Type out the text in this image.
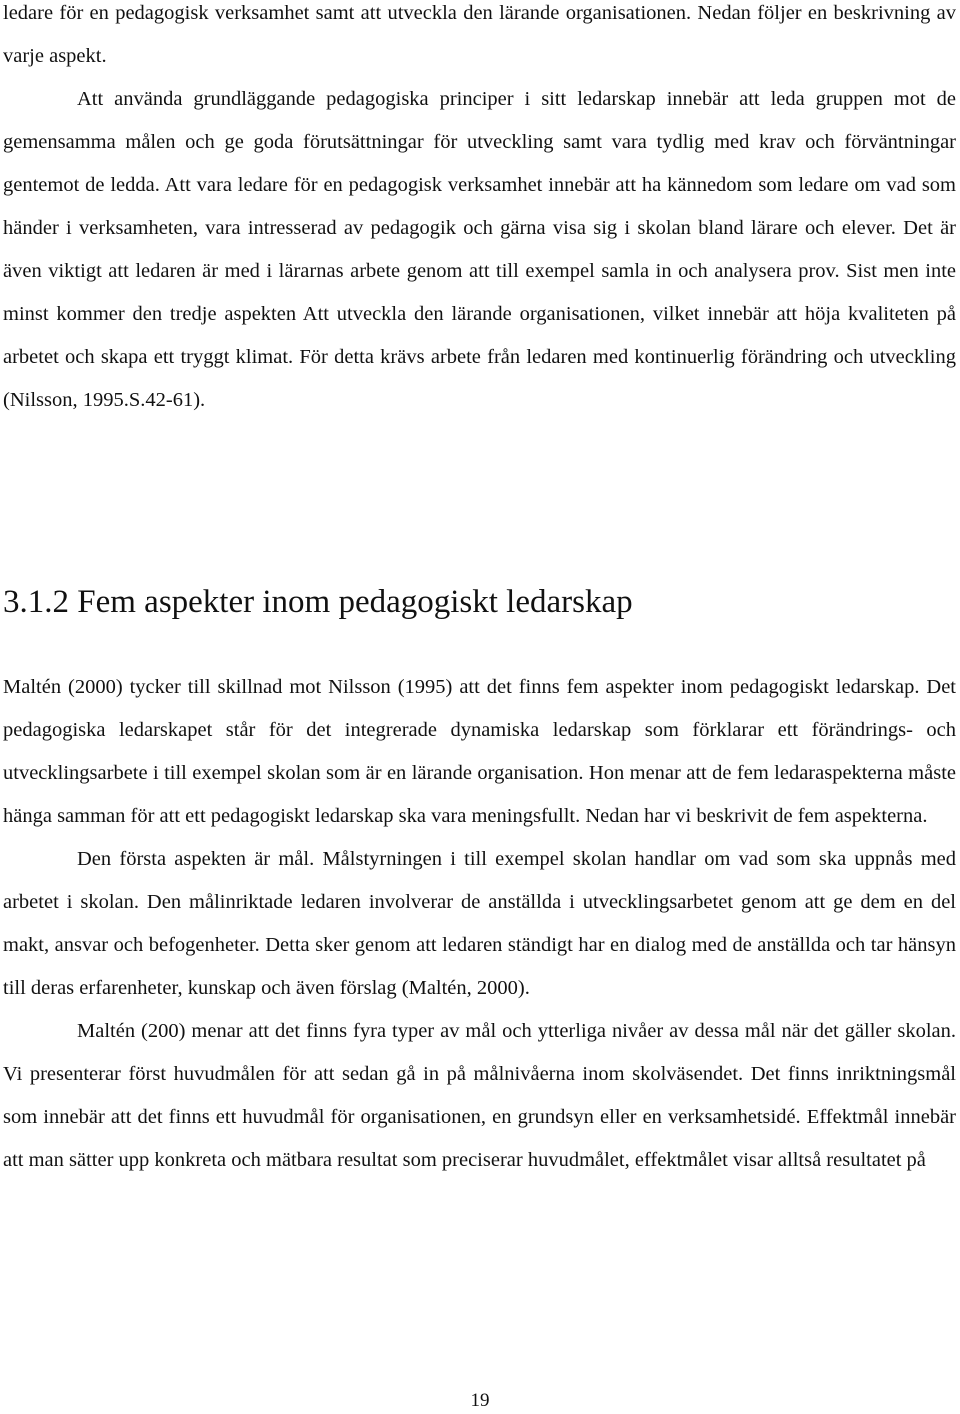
ledare för en pedagogisk verksamhet samt att utveckla den lärande organisationen. Nedan följer en beskrivning av varje aspekt.

Att använda grundläggande pedagogiska principer i sitt ledarskap innebär att leda gruppen mot de gemensamma målen och ge goda förutsättningar för utveckling samt vara tydlig med krav och förväntningar gentemot de ledda. Att vara ledare för en pedagogisk verksamhet innebär att ha kännedom som ledare om vad som händer i verksamheten, vara intresserad av pedagogik och gärna visa sig i skolan bland lärare och elever. Det är även viktigt att ledaren är med i lärarnas arbete genom att till exempel samla in och analysera prov. Sist men inte minst kommer den tredje aspekten Att utveckla den lärande organisationen, vilket innebär att höja kvaliteten på arbetet och skapa ett tryggt klimat. För detta krävs arbete från ledaren med kontinuerlig förändring och utveckling (Nilsson, 1995.S.42-61).

3.1.2 Fem aspekter inom pedagogiskt ledarskap

Maltén (2000) tycker till skillnad mot Nilsson (1995) att det finns fem aspekter inom pedagogiskt ledarskap. Det pedagogiska ledarskapet står för det integrerade dynamiska ledarskap som förklarar ett förändrings- och utvecklingsarbete i till exempel skolan som är en lärande organisation. Hon menar att de fem ledaraspekterna måste hänga samman för att ett pedagogiskt ledarskap ska vara meningsfullt. Nedan har vi beskrivit de fem aspekterna.

Den första aspekten är mål. Målstyrningen i till exempel skolan handlar om vad som ska uppnås med arbetet i skolan. Den målinriktade ledaren involverar de anställda i utvecklingsarbetet genom att ge dem en del makt, ansvar och befogenheter. Detta sker genom att ledaren ständigt har en dialog med de anställda och tar hänsyn till deras erfarenheter, kunskap och även förslag (Maltén, 2000).

Maltén (200) menar att det finns fyra typer av mål och ytterliga nivåer av dessa mål när det gäller skolan. Vi presenterar först huvudmålen för att sedan gå in på målnivåerna inom skolväsendet. Det finns inriktningsmål som innebär att det finns ett huvudmål för organisationen, en grundsyn eller en verksamhetsidé. Effektmål innebär att man sätter upp konkreta och mätbara resultat som preciserar huvudmålet, effektmålet visar alltså resultatet på

19
